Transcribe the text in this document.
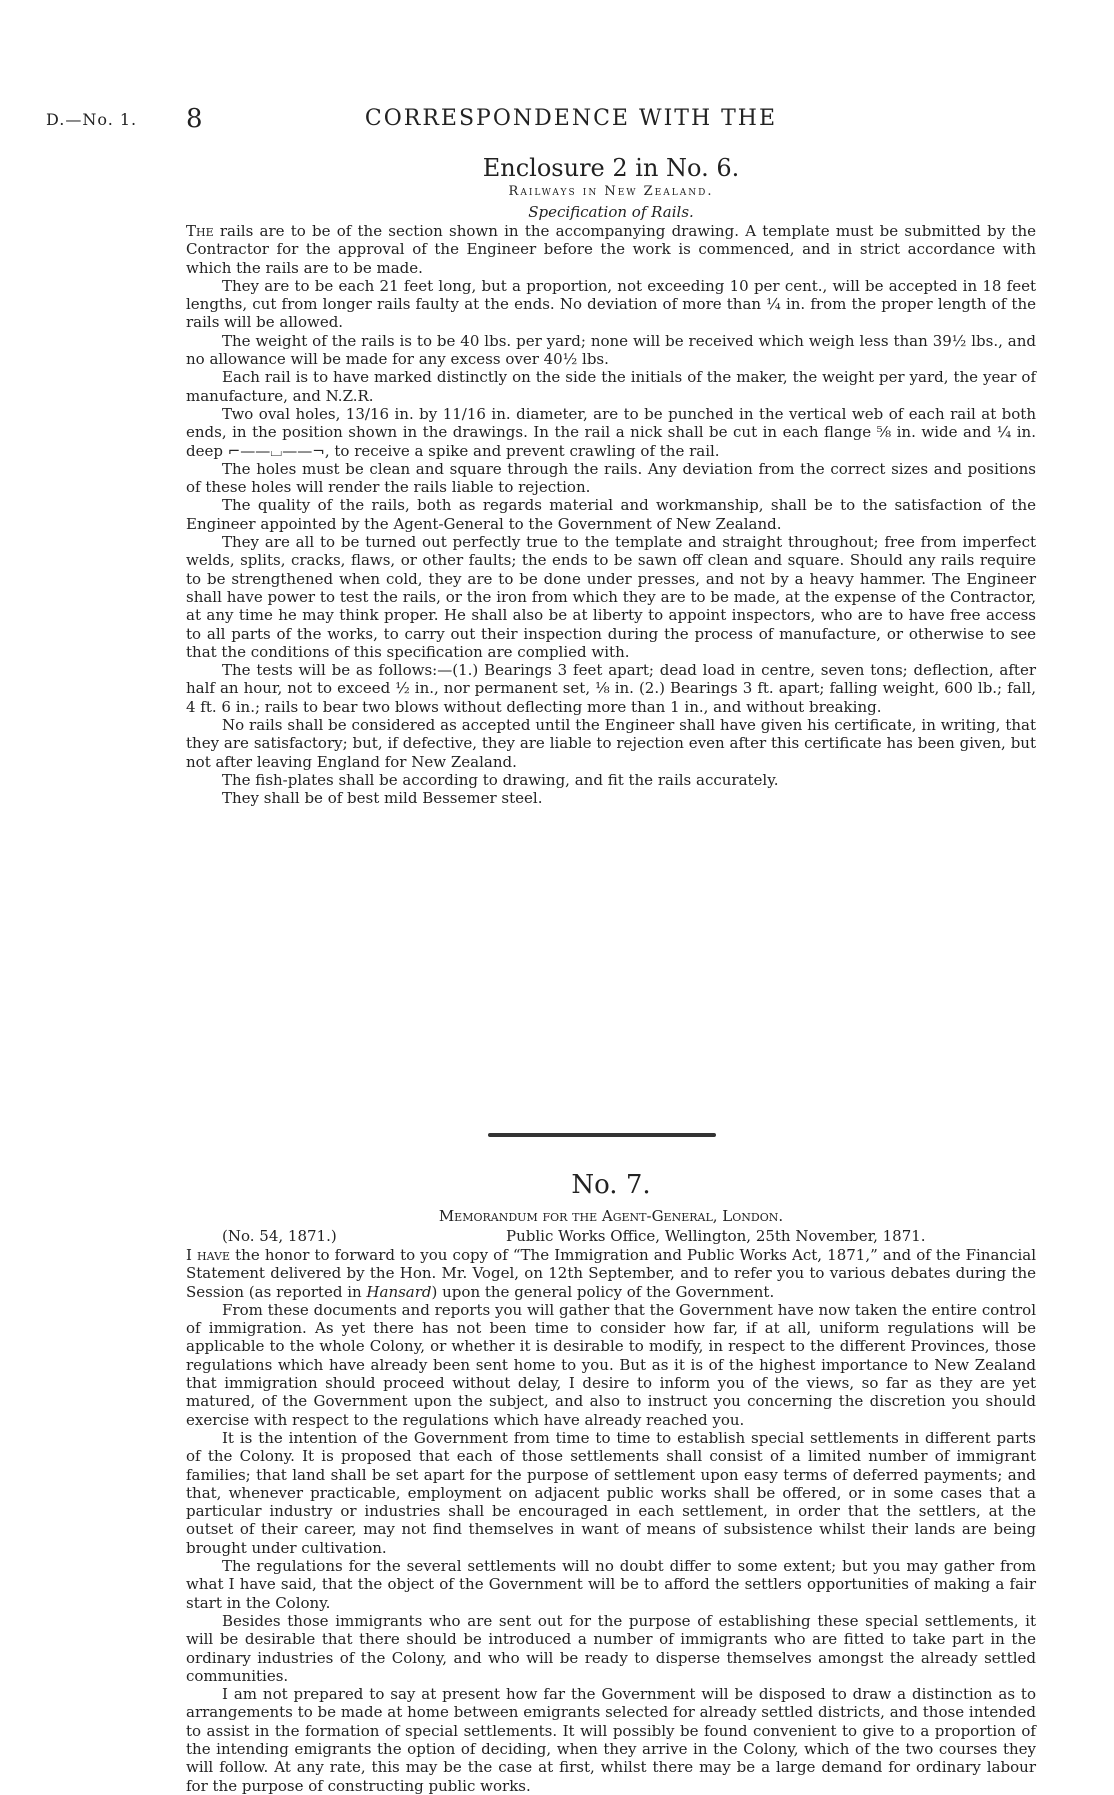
D.—No. 1. 8	CORRESPONDENCE WITH THE
Enclosure 2 in No. 6.
Railways in New Zealand.
Specification of Rails.

The rails are to be of the section shown in the accompanying drawing. A template must be submitted by the Contractor for the approval of the Engineer before the work is commenced, and in strict accordance with which the rails are to be made.

They are to be each 21 feet long, but a proportion, not exceeding 10 per cent., will be accepted in 18 feet lengths, cut from longer rails faulty at the ends. No deviation of more than ¼ in. from the proper length of the rails will be allowed.

The weight of the rails is to be 40 lbs. per yard; none will be received which weigh less than 39½ lbs., and no allowance will be made for any excess over 40½ lbs.

Each rail is to have marked distinctly on the side the initials of the maker, the weight per yard, the year of manufacture, and N.Z.R.

Two oval holes, 13/16 in. by 11/16 in. diameter, are to be punched in the vertical web of each rail at both ends, in the position shown in the drawings. In the rail a nick shall be cut in each flange ⅝ in. wide and ¼ in. deep ⌐——⌴——¬, to receive a spike and prevent crawling of the rail.

The holes must be clean and square through the rails. Any deviation from the correct sizes and positions of these holes will render the rails liable to rejection.

The quality of the rails, both as regards material and workmanship, shall be to the satisfaction of the Engineer appointed by the Agent-General to the Government of New Zealand.

They are all to be turned out perfectly true to the template and straight throughout; free from imperfect welds, splits, cracks, flaws, or other faults; the ends to be sawn off clean and square. Should any rails require to be strengthened when cold, they are to be done under presses, and not by a heavy hammer. The Engineer shall have power to test the rails, or the iron from which they are to be made, at the expense of the Contractor, at any time he may think proper. He shall also be at liberty to appoint inspectors, who are to have free access to all parts of the works, to carry out their inspection during the process of manufacture, or otherwise to see that the conditions of this specification are complied with.

The tests will be as follows:—(1.) Bearings 3 feet apart; dead load in centre, seven tons; deflection, after half an hour, not to exceed ½ in., nor permanent set, ⅛ in. (2.) Bearings 3 ft. apart; falling weight, 600 lb.; fall, 4 ft. 6 in.; rails to bear two blows without deflecting more than 1 in., and without breaking.

No rails shall be considered as accepted until the Engineer shall have given his certificate, in writing, that they are satisfactory; but, if defective, they are liable to rejection even after this certificate has been given, but not after leaving England for New Zealand.

The fish-plates shall be according to drawing, and fit the rails accurately.

They shall be of best mild Bessemer steel.

No. 7.
Memorandum for the Agent-General, London.
(No. 54, 1871.)	Public Works Office, Wellington, 25th November, 1871.

I have the honor to forward to you copy of “The Immigration and Public Works Act, 1871,” and of the Financial Statement delivered by the Hon. Mr. Vogel, on 12th September, and to refer you to various debates during the Session (as reported in Hansard) upon the general policy of the Government.

From these documents and reports you will gather that the Government have now taken the entire control of immigration. As yet there has not been time to consider how far, if at all, uniform regulations will be applicable to the whole Colony, or whether it is desirable to modify, in respect to the different Provinces, those regulations which have already been sent home to you. But as it is of the highest importance to New Zealand that immigration should proceed without delay, I desire to inform you of the views, so far as they are yet matured, of the Government upon the subject, and also to instruct you concerning the discretion you should exercise with respect to the regulations which have already reached you.

It is the intention of the Government from time to time to establish special settlements in different parts of the Colony. It is proposed that each of those settlements shall consist of a limited number of immigrant families; that land shall be set apart for the purpose of settlement upon easy terms of deferred payments; and that, whenever practicable, employment on adjacent public works shall be offered, or in some cases that a particular industry or industries shall be encouraged in each settlement, in order that the settlers, at the outset of their career, may not find themselves in want of means of subsistence whilst their lands are being brought under cultivation.

The regulations for the several settlements will no doubt differ to some extent; but you may gather from what I have said, that the object of the Government will be to afford the settlers opportunities of making a fair start in the Colony.

Besides those immigrants who are sent out for the purpose of establishing these special settlements, it will be desirable that there should be introduced a number of immigrants who are fitted to take part in the ordinary industries of the Colony, and who will be ready to disperse themselves amongst the already settled communities.

I am not prepared to say at present how far the Government will be disposed to draw a distinction as to arrangements to be made at home between emigrants selected for already settled districts, and those intended to assist in the formation of special settlements. It will possibly be found convenient to give to a proportion of the intending emigrants the option of deciding, when they arrive in the Colony, which of the two courses they will follow. At any rate, this may be the case at first, whilst there may be a large demand for ordinary labour for the purpose of constructing public works.
